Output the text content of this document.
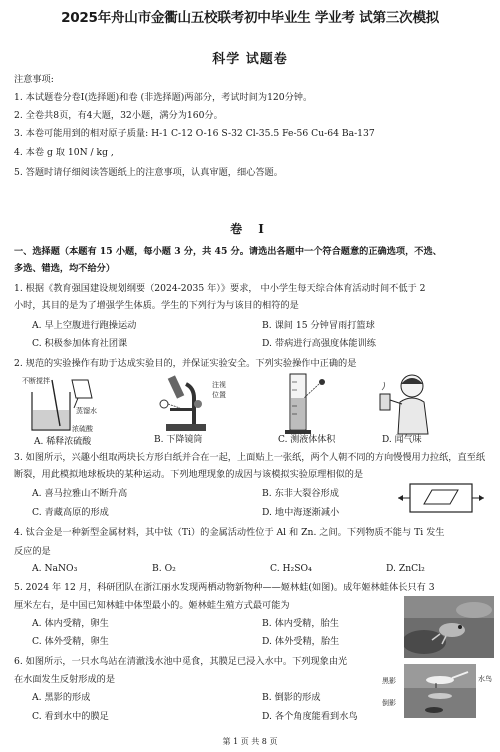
2025年舟山市金衢山五校联考初中毕业生 学业考 试第三次模拟
科学 试题卷
注意事项:
1. 本试题卷分卷Ⅰ(选择题)和卷 (非选择题)两部分，考试时间为120分钟。
2. 全卷共8页，有4大题，32小题，满分为160分。
3. 本卷可能用到的相对原子质量: H-1 C-12 O-16 S-32 Cl-35.5 Fe-56 Cu-64 Ba-137
4. 本卷 g 取 10N / kg ,
5. 答题时请仔细阅读答题纸上的注意事项，认真审题，细心答题。
卷 Ⅰ
一、选择题（本题有 15 小题，每小题 3 分，共 45 分。请选出各题中一个符合题意的正确选项，不选、
多选、错选，均不给分）
1. 根据《教育强国建设规划纲要（2024-2035 年）》要求， 中小学生每天综合体育活动时间不低于 2
小时，其目的是为了增强学生体质。学生的下列行为与该目的相符的是
A. 早上空腹进行跑操运动	B. 课间 15 分钟冒雨打篮球
C. 积极参加体育社团课	D. 带病进行高强度体能训练
2. 规范的实验操作有助于达成实验目的，并保证实验安全。下列实验操作中正确的是
不断搅拌
蒸馏水
浓硫酸
注视
位置
A. 稀释浓硫酸	B. 下降镜筒	C. 测液体体积	D. 闻气味
3. 如图所示，兴趣小组取两块长方形白纸并合在一起，上面贴上一张纸，两个人朝不同的方向慢慢用力拉纸，直至纸
断裂，用此模拟地球板块的某种运动。下列地理现象的成因与该模拟实验原理相似的是
A. 喜马拉雅山不断升高	B. 东非大裂谷形成
C. 青藏高原的形成	D. 地中海逐渐减小
4. 钛合金是一种新型金属材料，其中钛（Ti）的金属活动性位于 Al 和 Zn. 之间。下列物质不能与 Ti 发生
反应的是
A. NaNO₃	B. O₂	C. H₂SO₄	D. ZnCl₂
5. 2024 年 12 月，科研团队在浙江丽水发现两栖动物新物种——姬林蛙(如图)。成年姬林蛙体长只有 3
厘米左右，是中国已知林蛙中体型最小的。姬林蛙生殖方式最可能为
A. 体内受精，卵生	B. 体内受精，胎生
C. 体外受精，卵生	D. 体外受精，胎生
6. 如图所示，一只水鸟站在清澈浅水池中觅食，其膜足已浸入水中。下列现象由光
在水面发生反射形成的是
A. 黑影的形成	B. 倒影的形成
C. 看到水中的膜足	D. 各个角度能看到水鸟
黑影	水鸟
倒影
第 1 页 共 8 页
